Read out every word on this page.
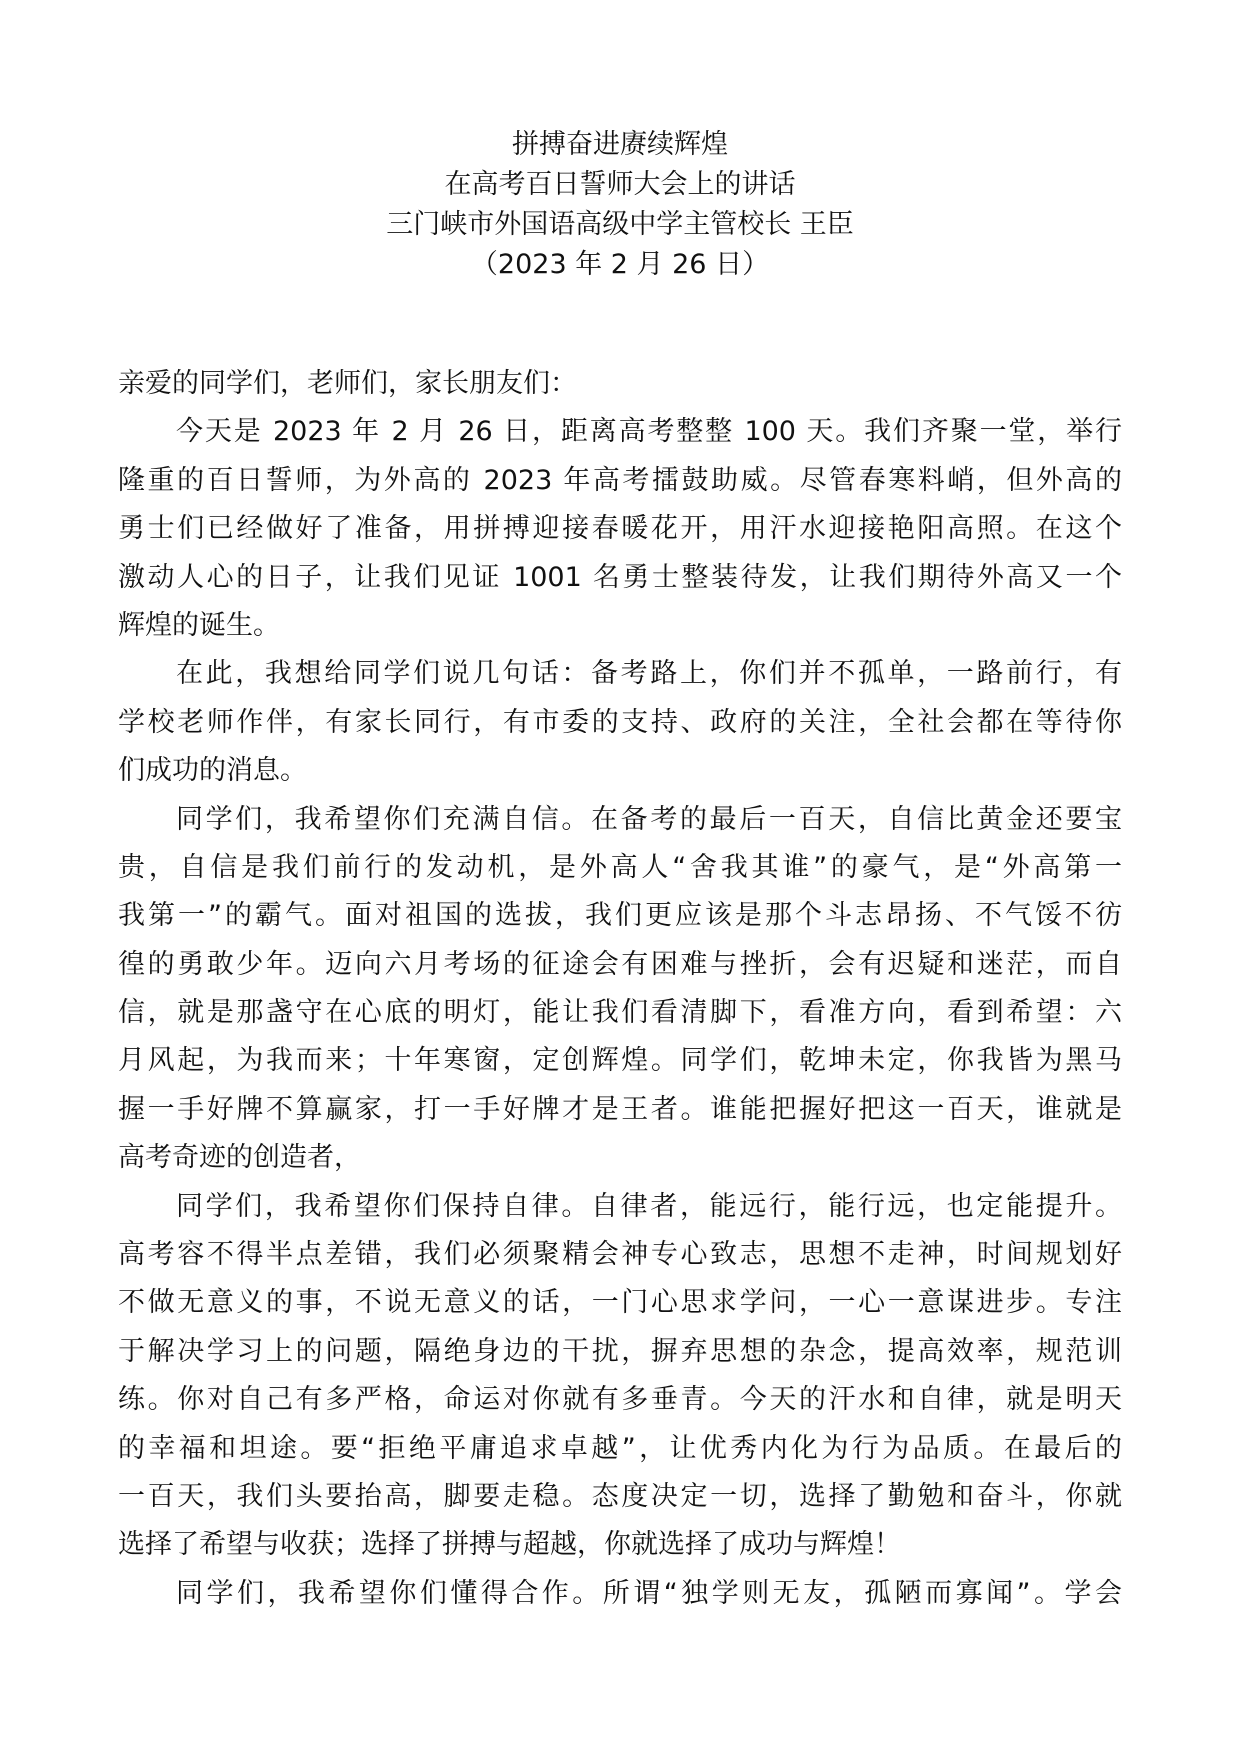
拼搏奋进赓续辉煌

在高考百日誓师大会上的讲话

三门峡市外国语高级中学主管校长 王臣

（2023 年 2 月 26 日）

亲爱的同学们，老师们，家长朋友们：

今天是 2023 年 2 月 26 日，距离高考整整 100 天。我们齐聚一堂，举行

隆重的百日誓师，为外高的 2023 年高考擂鼓助威。尽管春寒料峭，但外高的

勇士们已经做好了准备，用拼搏迎接春暖花开，用汗水迎接艳阳高照。在这个

激动人心的日子，让我们见证 1001 名勇士整装待发，让我们期待外高又一个

辉煌的诞生。

在此，我想给同学们说几句话：备考路上，你们并不孤单，一路前行，有

学校老师作伴，有家长同行，有市委的支持、政府的关注，全社会都在等待你

们成功的消息。

同学们，我希望你们充满自信。在备考的最后一百天，自信比黄金还要宝

贵，自信是我们前行的发动机，是外高人“舍我其谁”的豪气，是“外高第一

我第一”的霸气。面对祖国的选拔，我们更应该是那个斗志昂扬、不气馁不彷

徨的勇敢少年。迈向六月考场的征途会有困难与挫折，会有迟疑和迷茫，而自

信，就是那盏守在心底的明灯，能让我们看清脚下，看准方向，看到希望：六

月风起，为我而来；十年寒窗，定创辉煌。同学们，乾坤未定，你我皆为黑马

握一手好牌不算赢家，打一手好牌才是王者。谁能把握好把这一百天，谁就是

高考奇迹的创造者，

同学们，我希望你们保持自律。自律者，能远行，能行远，也定能提升。

高考容不得半点差错，我们必须聚精会神专心致志，思想不走神，时间规划好

不做无意义的事，不说无意义的话，一门心思求学问，一心一意谋进步。专注

于解决学习上的问题，隔绝身边的干扰，摒弃思想的杂念，提高效率，规范训

练。你对自己有多严格，命运对你就有多垂青。今天的汗水和自律，就是明天

的幸福和坦途。要“拒绝平庸追求卓越”，让优秀内化为行为品质。在最后的

一百天，我们头要抬高，脚要走稳。态度决定一切，选择了勤勉和奋斗，你就

选择了希望与收获；选择了拼搏与超越，你就选择了成功与辉煌！

同学们，我希望你们懂得合作。所谓“独学则无友，孤陋而寡闻”。学会
